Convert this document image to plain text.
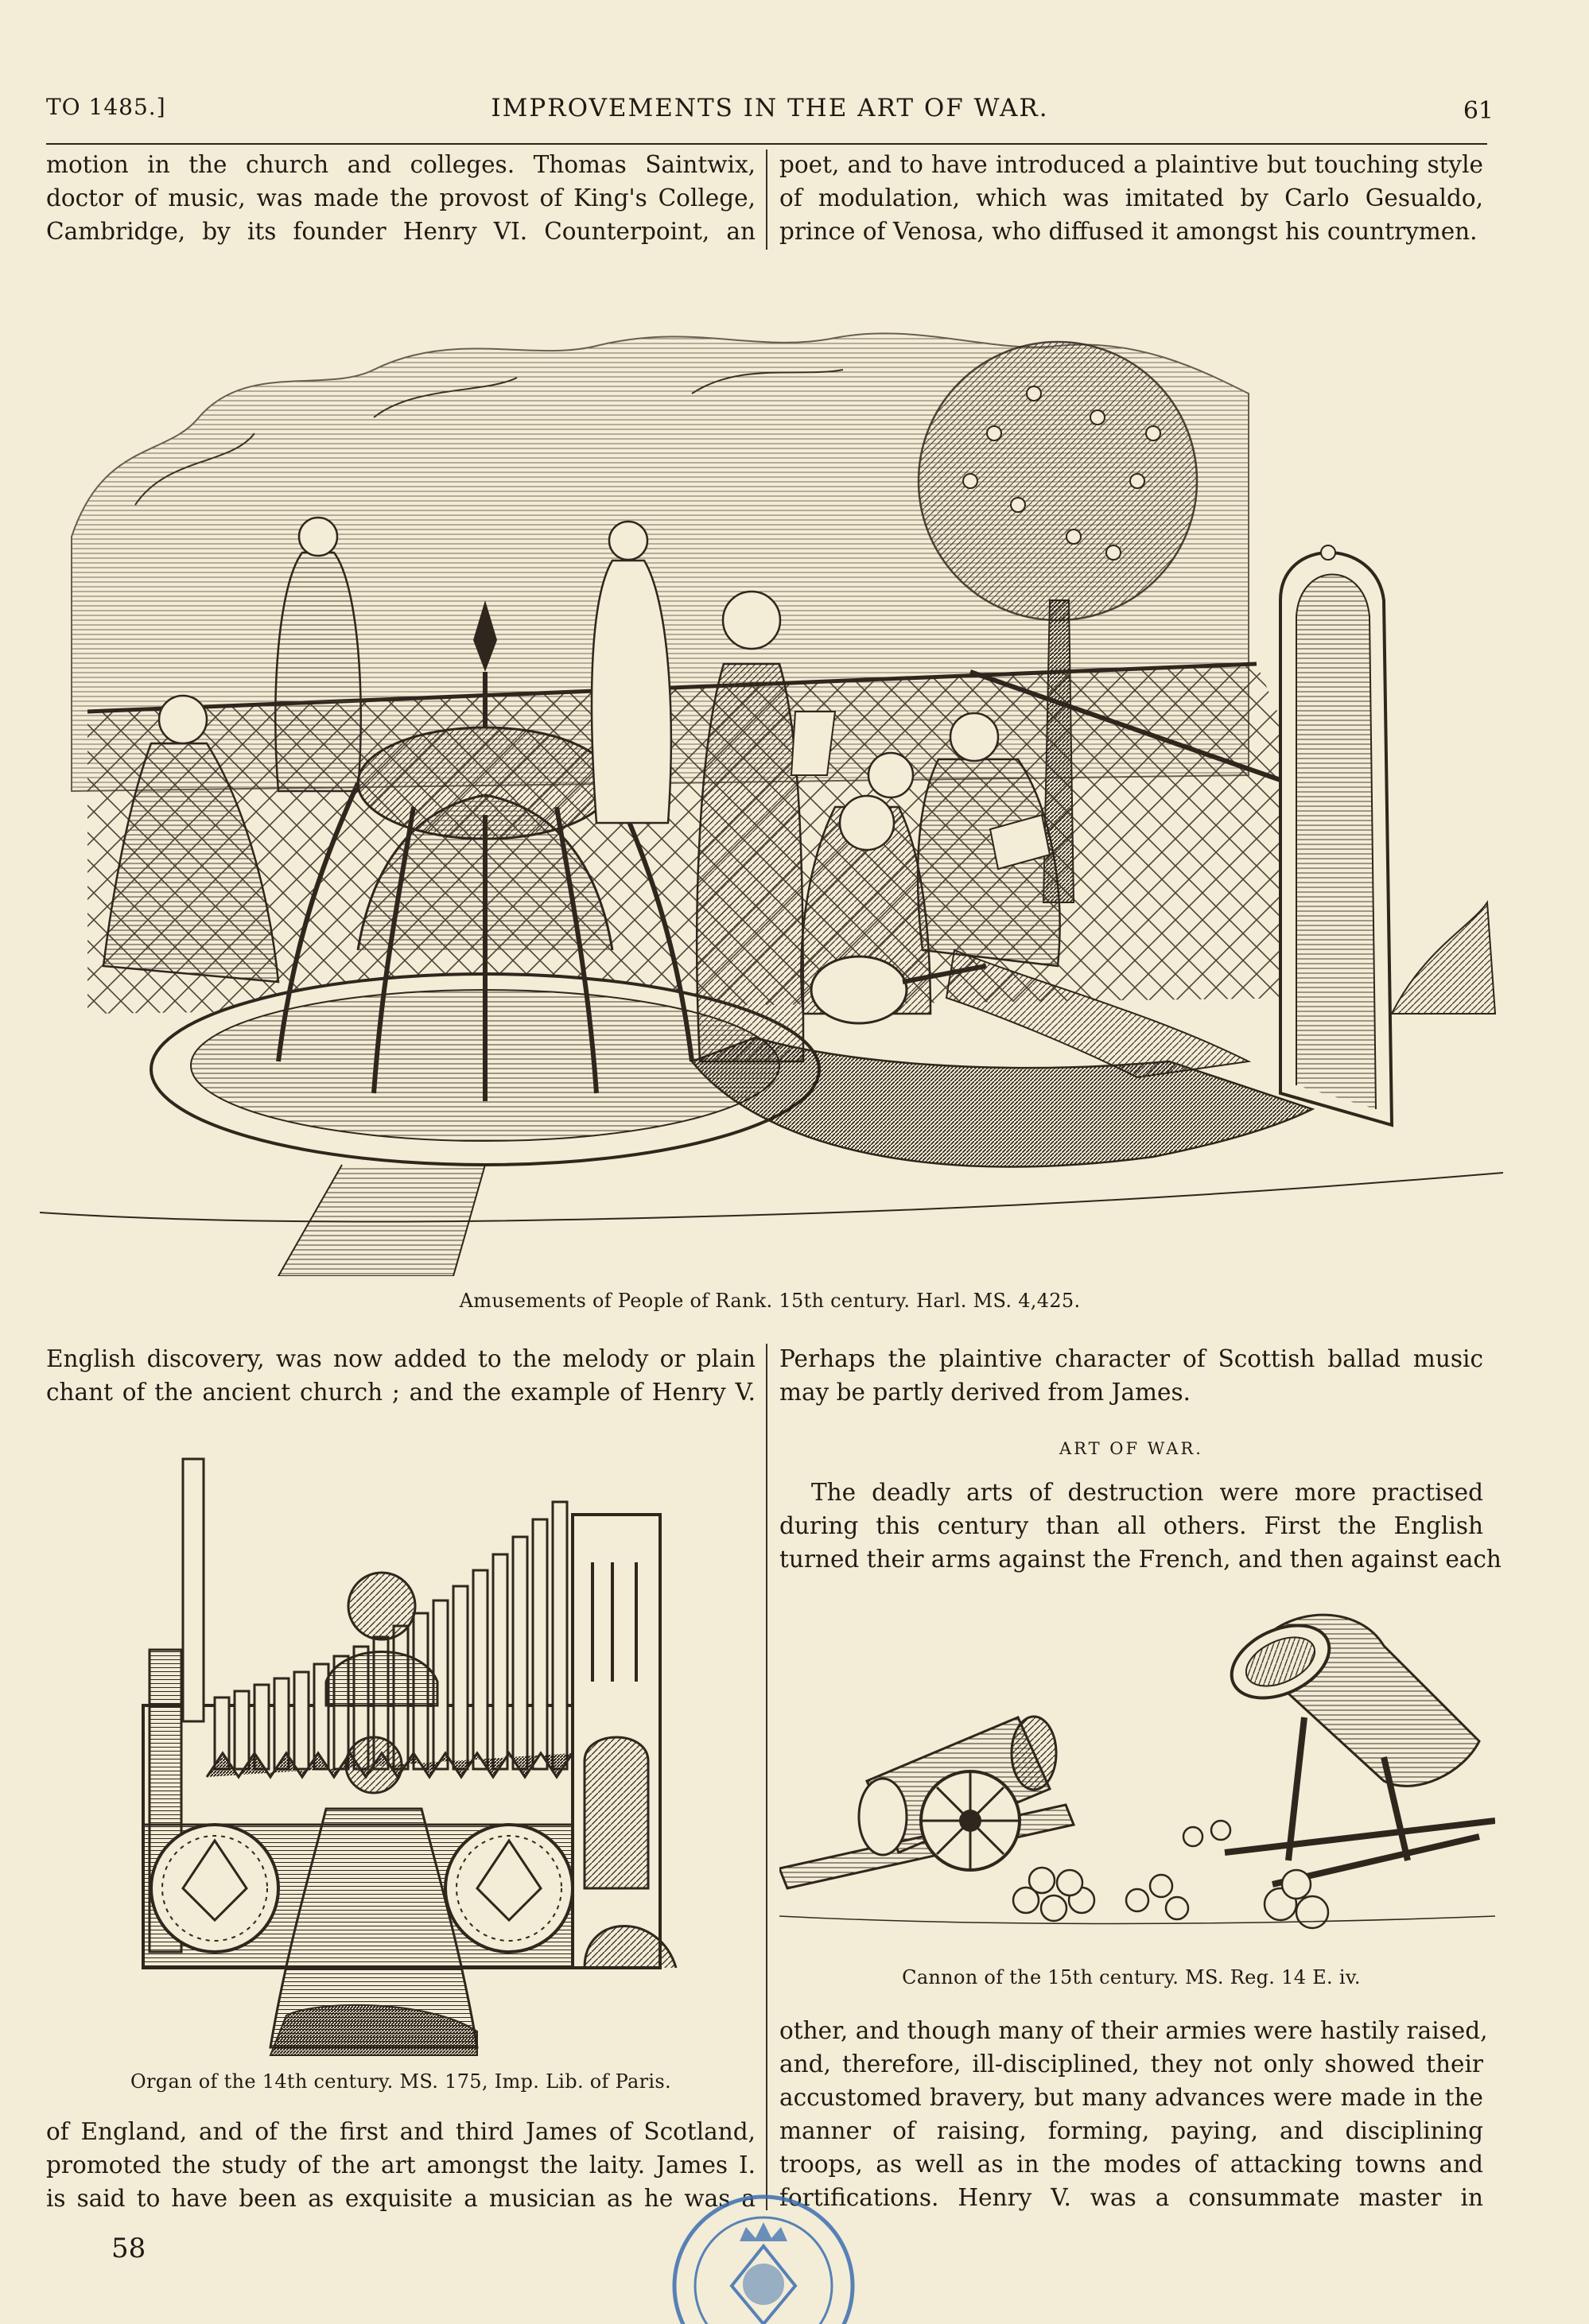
TO 1485.]	IMPROVEMENTS IN THE ART OF WAR.	61
motion in the church and colleges. Thomas Saintwix,
doctor of music, was made the provost of King's College,
Cambridge, by its founder Henry VI. Counterpoint, an
poet, and to have introduced a plaintive but touching style
of modulation, which was imitated by Carlo Gesualdo,
prince of Venosa, who diffused it amongst his countrymen.
Amusements of People of Rank. 15th century. Harl. MS. 4,425.
English discovery, was now added to the melody or plain
chant of the ancient church ; and the example of Henry V.
Perhaps the plaintive character of Scottish ballad music
may be partly derived from James.
ART OF WAR.
The deadly arts of destruction were more practised
during this century than all others. First the English
turned their arms against the French, and then against each
Organ of the 14th century. MS. 175, Imp. Lib. of Paris.
Cannon of the 15th century. MS. Reg. 14 E. iv.
of England, and of the first and third James of Scotland,
promoted the study of the art amongst the laity. James I.
is said to have been as exquisite a musician as he was a
other, and though many of their armies were hastily raised,
and, therefore, ill-disciplined, they not only showed their
accustomed bravery, but many advances were made in the
manner of raising, forming, paying, and disciplining
troops, as well as in the modes of attacking towns and
fortifications. Henry V. was a consummate master in
58
